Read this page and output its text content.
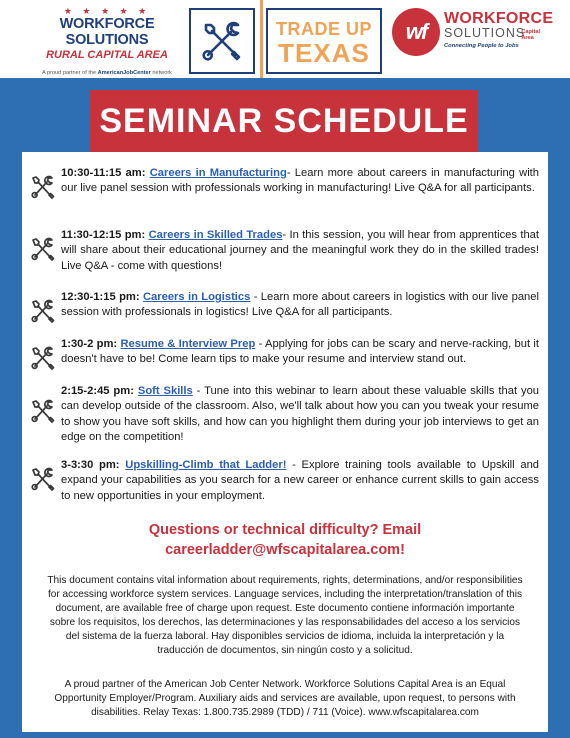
★ ★ ★ ★ ★
WORKFORCE SOLUTIONS
RURAL CAPITAL AREA
A proud partner of the AmericanJobCenter network
TRADE UP
TEXAS
wf
WORKFORCE
SOLUTIONS
Connecting People to Jobs
Capital
Area
SEMINAR SCHEDULE

10:30-11:15 am: Careers in Manufacturing- Learn more about careers in manufacturing with our live panel session with professionals working in manufacturing! Live Q&A for all participants.

11:30-12:15 pm: Careers in Skilled Trades- In this session, you will hear from apprentices that will share about their educational journey and the meaningful work they do in the skilled trades! Live Q&A - come with questions!

12:30-1:15 pm: Careers in Logistics - Learn more about careers in logistics with our live panel session with professionals in logistics! Live Q&A for all participants.

1:30-2 pm: Resume & Interview Prep - Applying for jobs can be scary and nerve-racking, but it doesn't have to be! Come learn tips to make your resume and interview stand out.

2:15-2:45 pm: Soft Skills - Tune into this webinar to learn about these valuable skills that you can develop outside of the classroom. Also, we'll talk about how you can you tweak your resume to show you have soft skills, and how can you highlight them during your job interviews to get an edge on the competition!

3-3:30 pm: Upskilling-Climb that Ladder! - Explore training tools available to Upskill and expand your capabilities as you search for a new career or enhance current skills to gain access to new opportunities in your employment.

Questions or technical difficulty? Email
careerladder@wfscapitalarea.com!
This document contains vital information about requirements, rights, determinations, and/or responsibilities for accessing workforce system services. Language services, including the interpretation/translation of this document, are available free of charge upon request. Este documento contiene información importante sobre los requisitos, los derechos, las determinaciones y las responsabilidades del acceso a los servicios del sistema de la fuerza laboral. Hay disponibles servicios de idioma, incluida la interpretación y la traducción de documentos, sin ningún costo y a solicitud.
A proud partner of the American Job Center Network. Workforce Solutions Capital Area is an Equal Opportunity Employer/Program. Auxiliary aids and services are available, upon request, to persons with disabilities. Relay Texas: 1.800.735.2989 (TDD) / 711 (Voice). www.wfscapitalarea.com
